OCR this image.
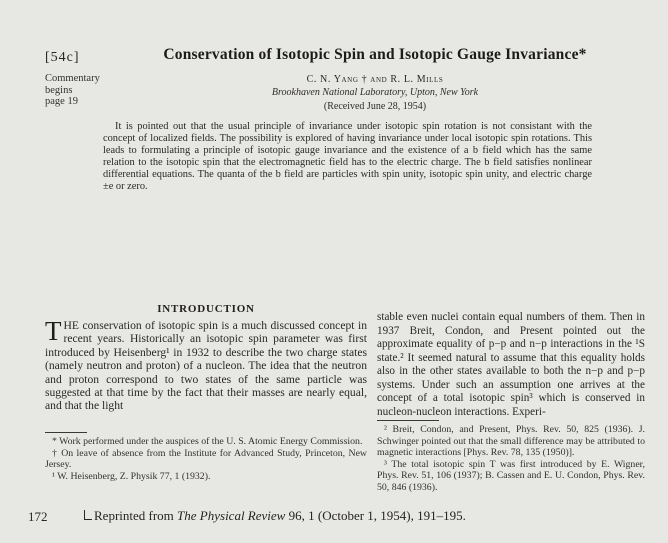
[54c]
Commentary
begins
page 19
Conservation of Isotopic Spin and Isotopic Gauge Invariance*
C. N. Yang † and R. L. Mills
Brookhaven National Laboratory, Upton, New York
(Received June 28, 1954)
It is pointed out that the usual principle of invariance under isotopic spin rotation is not consistant with the concept of localized fields. The possibility is explored of having invariance under local isotopic spin rotations. This leads to formulating a principle of isotopic gauge invariance and the existence of a b field which has the same relation to the isotopic spin that the electromagnetic field has to the electric charge. The b field satisfies nonlinear differential equations. The quanta of the b field are particles with spin unity, isotopic spin unity, and electric charge ±e or zero.
INTRODUCTION
THE conservation of isotopic spin is a much discussed concept in recent years. Historically an isotopic spin parameter was first introduced by Heisenberg¹ in 1932 to describe the two charge states (namely neutron and proton) of a nucleon. The idea that the neutron and proton correspond to two states of the same particle was suggested at that time by the fact that their masses are nearly equal, and that the light
* Work performed under the auspices of the U. S. Atomic Energy Commission.
† On leave of absence from the Institute for Advanced Study, Princeton, New Jersey.
¹ W. Heisenberg, Z. Physik 77, 1 (1932).
stable even nuclei contain equal numbers of them. Then in 1937 Breit, Condon, and Present pointed out the approximate equality of p−p and n−p interactions in the ¹S state.² It seemed natural to assume that this equality holds also in the other states available to both the n−p and p−p systems. Under such an assumption one arrives at the concept of a total isotopic spin³ which is conserved in nucleon-nucleon interactions. Experi-
² Breit, Condon, and Present, Phys. Rev. 50, 825 (1936). J. Schwinger pointed out that the small difference may be attributed to magnetic interactions [Phys. Rev. 78, 135 (1950)].
³ The total isotopic spin T was first introduced by E. Wigner, Phys. Rev. 51, 106 (1937); B. Cassen and E. U. Condon, Phys. Rev. 50, 846 (1936).
172	Reprinted from The Physical Review 96, 1 (October 1, 1954), 191–195.
